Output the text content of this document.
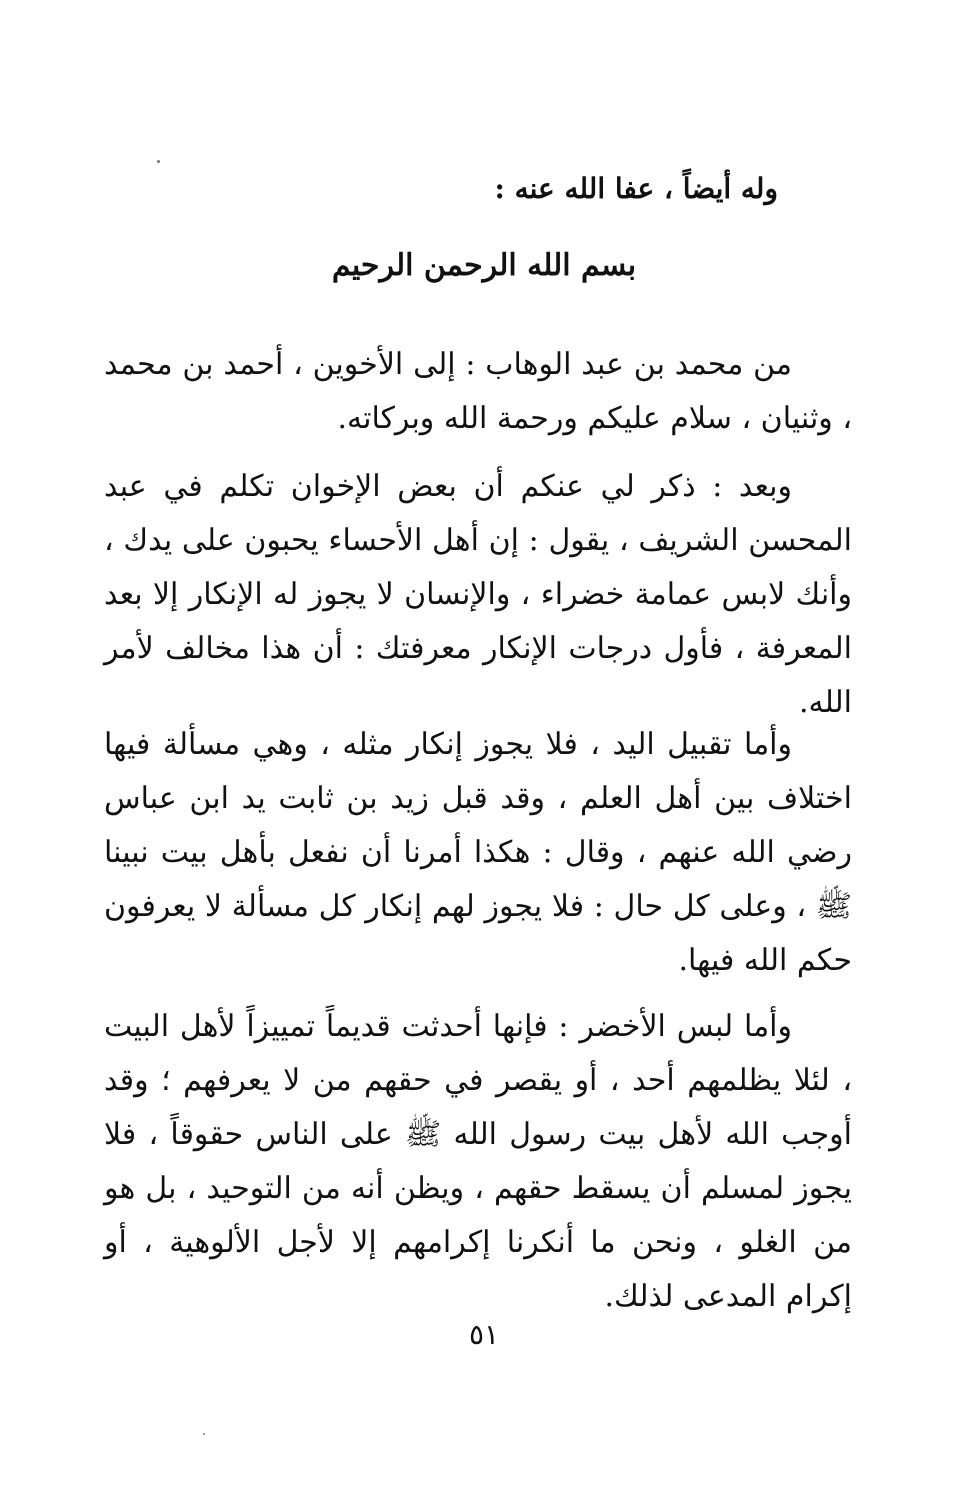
وله أيضاً ، عفا الله عنه :
بسم الله الرحمن الرحيم

من محمد بن عبد الوهاب : إلى الأخوين ، أحمد بن محمد ، وثنيان ، سلام عليكم ورحمة الله وبركاته.

وبعد : ذكر لي عنكم أن بعض الإخوان تكلم في عبد المحسن الشريف ، يقول : إن أهل الأحساء يحبون على يدك ، وأنك لابس عمامة خضراء ، والإنسان لا يجوز له الإنكار إلا بعد المعرفة ، فأول درجات الإنكار معرفتك : أن هذا مخالف لأمر الله.

وأما تقبيل اليد ، فلا يجوز إنكار مثله ، وهي مسألة فيها اختلاف بين أهل العلم ، وقد قبل زيد بن ثابت يد ابن عباس رضي الله عنهم ، وقال : هكذا أمرنا أن نفعل بأهل بيت نبينا ﷺ ، وعلى كل حال : فلا يجوز لهم إنكار كل مسألة لا يعرفون حكم الله فيها.

وأما لبس الأخضر : فإنها أحدثت قديماً تمييزاً لأهل البيت ، لئلا يظلمهم أحد ، أو يقصر في حقهم من لا يعرفهم ؛ وقد أوجب الله لأهل بيت رسول الله ﷺ على الناس حقوقاً ، فلا يجوز لمسلم أن يسقط حقهم ، ويظن أنه من التوحيد ، بل هو من الغلو ، ونحن ما أنكرنا إكرامهم إلا لأجل الألوهية ، أو إكرام المدعى لذلك.

٥١
